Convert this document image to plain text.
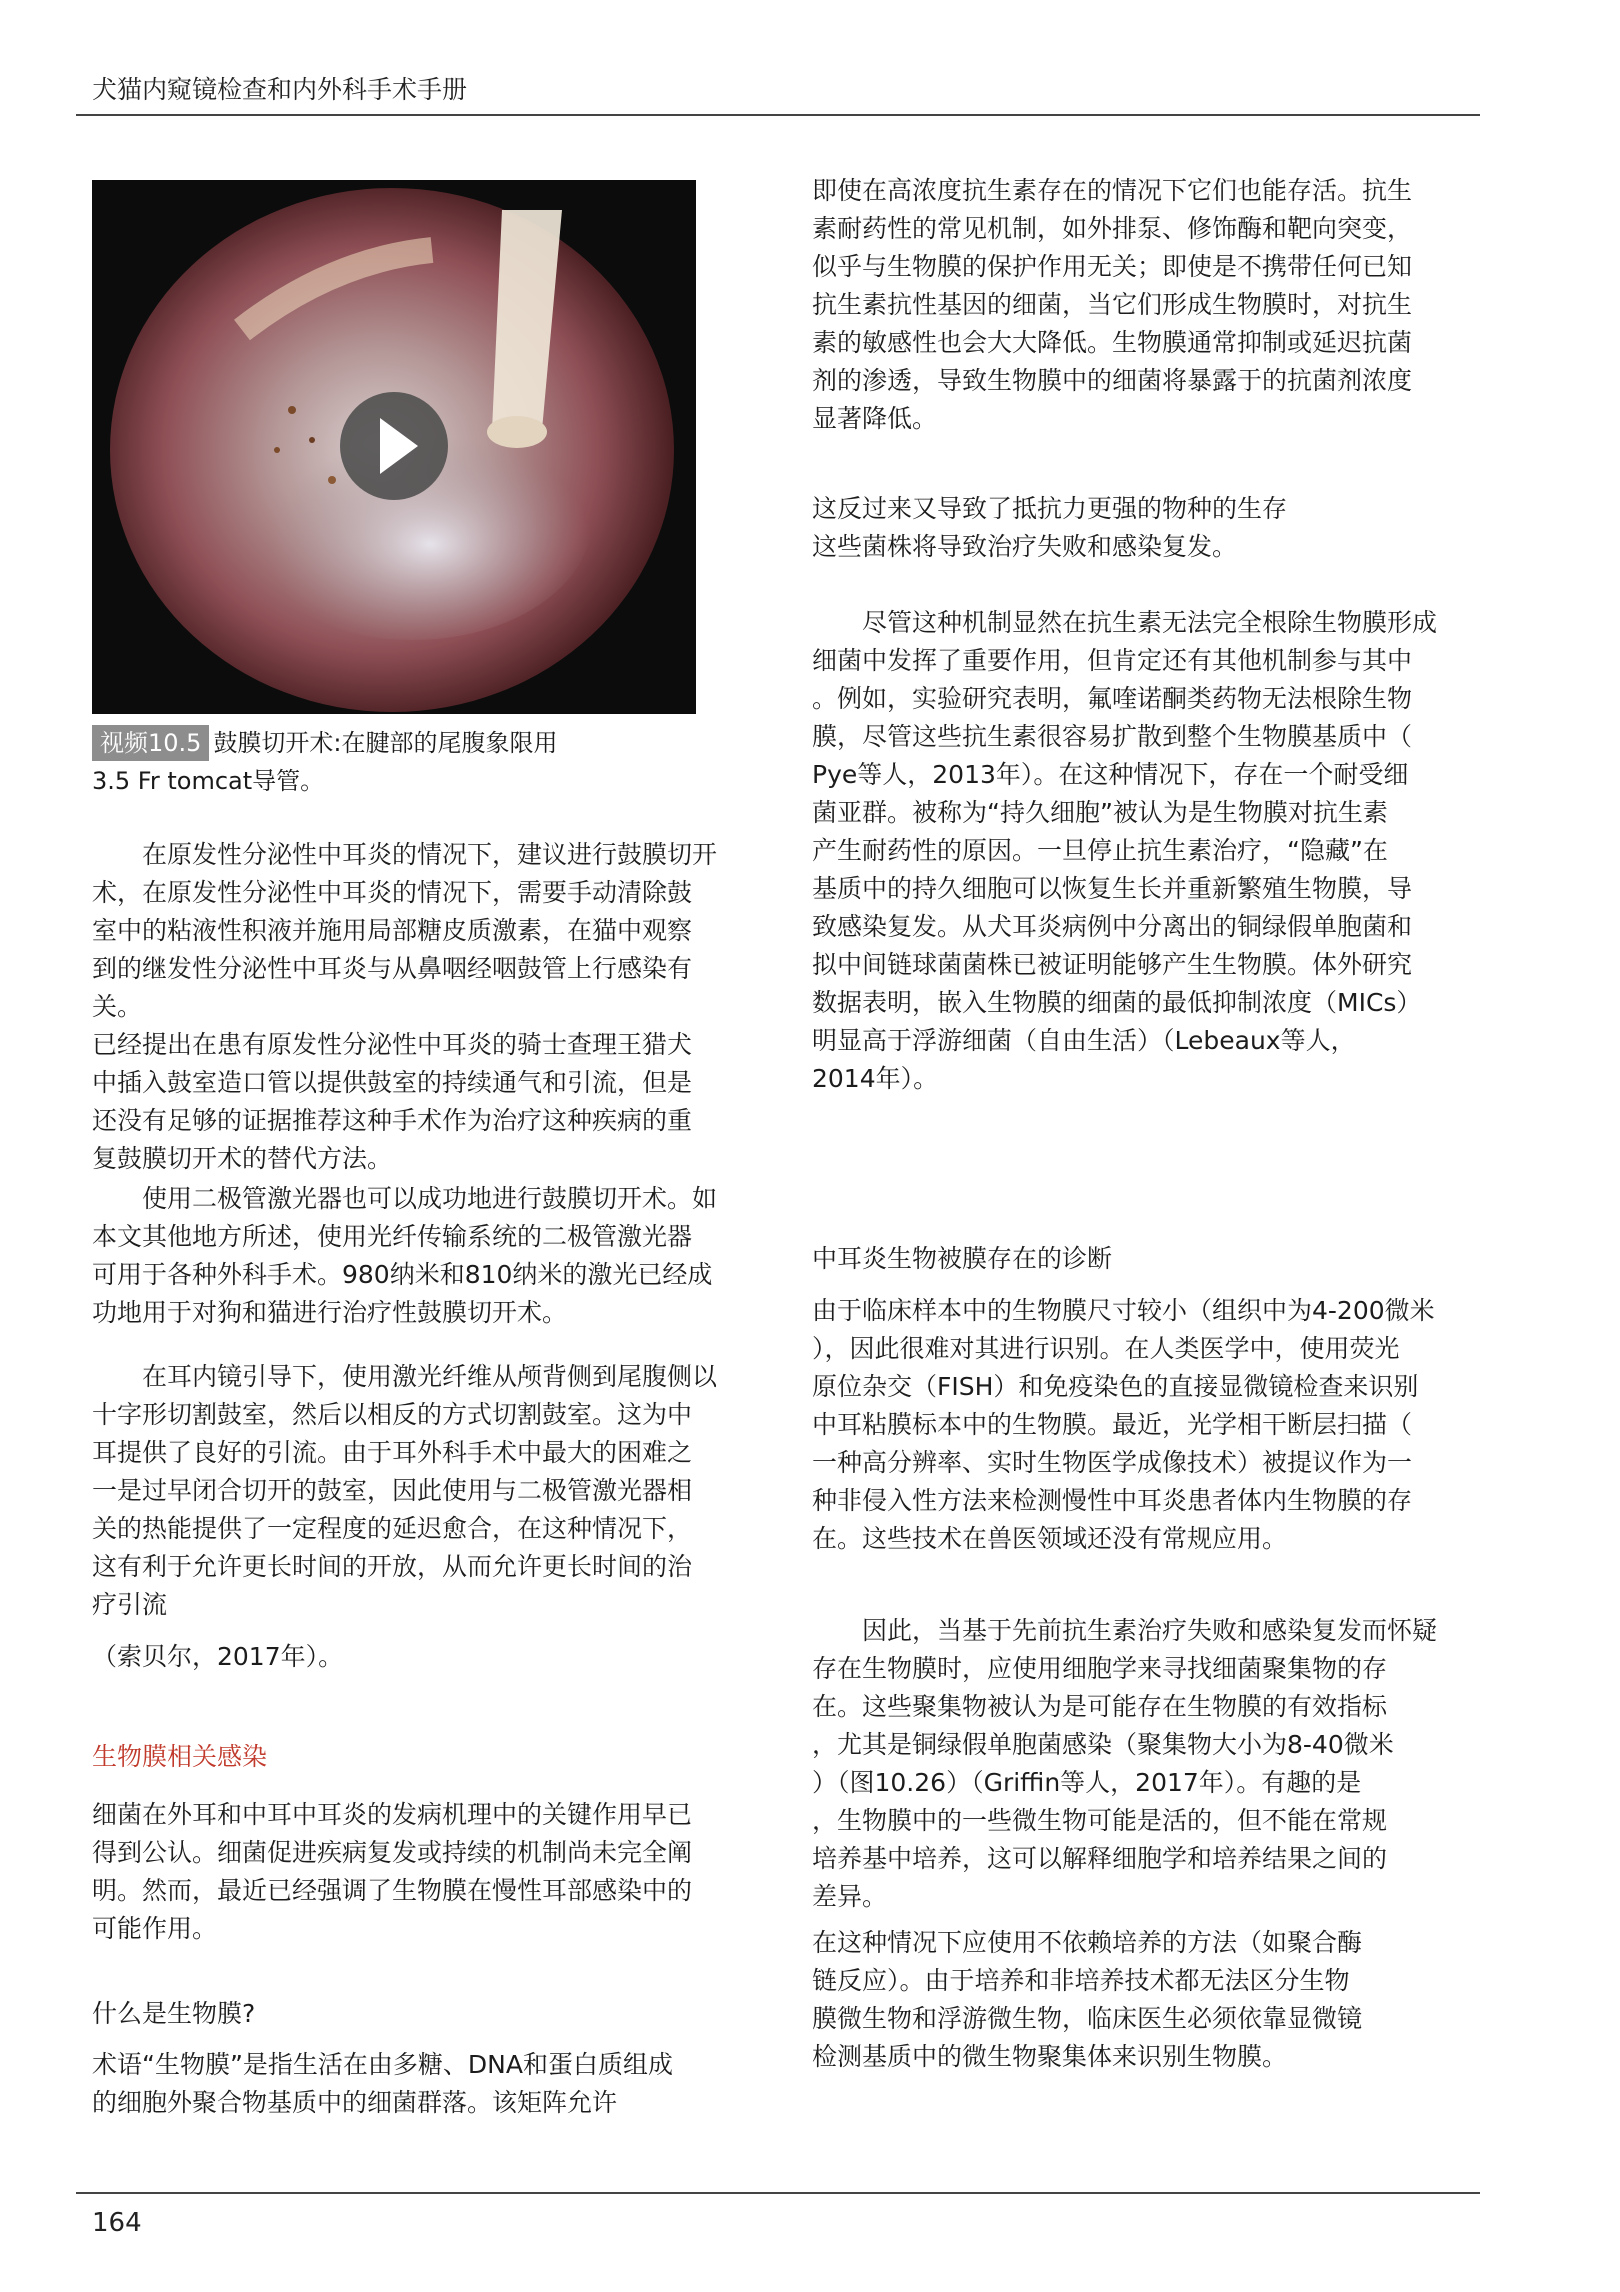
犬猫内窥镜检查和内外科手术手册
视频10.5 鼓膜切开术:在腱部的尾腹象限用
3.5 Fr tomcat导管。

在原发性分泌性中耳炎的情况下，建议进行鼓膜切开

术，在原发性分泌性中耳炎的情况下，需要手动清除鼓

室中的粘液性积液并施用局部糖皮质激素，在猫中观察

到的继发性分泌性中耳炎与从鼻咽经咽鼓管上行感染有

关。

已经提出在患有原发性分泌性中耳炎的骑士查理王猎犬

中插入鼓室造口管以提供鼓室的持续通气和引流，但是

还没有足够的证据推荐这种手术作为治疗这种疾病的重

复鼓膜切开术的替代方法。

使用二极管激光器也可以成功地进行鼓膜切开术。如

本文其他地方所述，使用光纤传输系统的二极管激光器

可用于各种外科手术。980纳米和810纳米的激光已经成

功地用于对狗和猫进行治疗性鼓膜切开术。

在耳内镜引导下，使用激光纤维从颅背侧到尾腹侧以

十字形切割鼓室，然后以相反的方式切割鼓室。这为中

耳提供了良好的引流。由于耳外科手术中最大的困难之

一是过早闭合切开的鼓室，因此使用与二极管激光器相

关的热能提供了一定程度的延迟愈合，在这种情况下，

这有利于允许更长时间的开放，从而允许更长时间的治

疗引流

（索贝尔，2017年）。

生物膜相关感染

细菌在外耳和中耳中耳炎的发病机理中的关键作用早已

得到公认。细菌促进疾病复发或持续的机制尚未完全阐

明。然而，最近已经强调了生物膜在慢性耳部感染中的

可能作用。

什么是生物膜?

术语“生物膜”是指生活在由多糖、DNA和蛋白质组成

的细胞外聚合物基质中的细菌群落。该矩阵允许

即使在高浓度抗生素存在的情况下它们也能存活。抗生

素耐药性的常见机制，如外排泵、修饰酶和靶向突变，

似乎与生物膜的保护作用无关；即使是不携带任何已知

抗生素抗性基因的细菌，当它们形成生物膜时，对抗生

素的敏感性也会大大降低。生物膜通常抑制或延迟抗菌

剂的渗透，导致生物膜中的细菌将暴露于的抗菌剂浓度

显著降低。

这反过来又导致了抵抗力更强的物种的生存

这些菌株将导致治疗失败和感染复发。

尽管这种机制显然在抗生素无法完全根除生物膜形成

细菌中发挥了重要作用，但肯定还有其他机制参与其中

。例如，实验研究表明，氟喹诺酮类药物无法根除生物

膜，尽管这些抗生素很容易扩散到整个生物膜基质中（

Pye等人，2013年）。在这种情况下，存在一个耐受细

菌亚群。被称为“持久细胞”被认为是生物膜对抗生素

产生耐药性的原因。一旦停止抗生素治疗，“隐藏”在

基质中的持久细胞可以恢复生长并重新繁殖生物膜，导

致感染复发。从犬耳炎病例中分离出的铜绿假单胞菌和

拟中间链球菌菌株已被证明能够产生生物膜。体外研究

数据表明，嵌入生物膜的细菌的最低抑制浓度（MICs）

明显高于浮游细菌（自由生活）（Lebeaux等人，

2014年）。

中耳炎生物被膜存在的诊断

由于临床样本中的生物膜尺寸较小（组织中为4-200微米

），因此很难对其进行识别。在人类医学中，使用荧光

原位杂交（FISH）和免疫染色的直接显微镜检查来识别

中耳粘膜标本中的生物膜。最近，光学相干断层扫描（

一种高分辨率、实时生物医学成像技术）被提议作为一

种非侵入性方法来检测慢性中耳炎患者体内生物膜的存

在。这些技术在兽医领域还没有常规应用。

因此，当基于先前抗生素治疗失败和感染复发而怀疑

存在生物膜时，应使用细胞学来寻找细菌聚集物的存

在。这些聚集物被认为是可能存在生物膜的有效指标

，尤其是铜绿假单胞菌感染（聚集物大小为8-40微米

）（图10.26）（Griffin等人，2017年）。有趣的是

，生物膜中的一些微生物可能是活的，但不能在常规

培养基中培养，这可以解释细胞学和培养结果之间的

差异。

在这种情况下应使用不依赖培养的方法（如聚合酶

链反应）。由于培养和非培养技术都无法区分生物

膜微生物和浮游微生物，临床医生必须依靠显微镜

检测基质中的微生物聚集体来识别生物膜。

164
